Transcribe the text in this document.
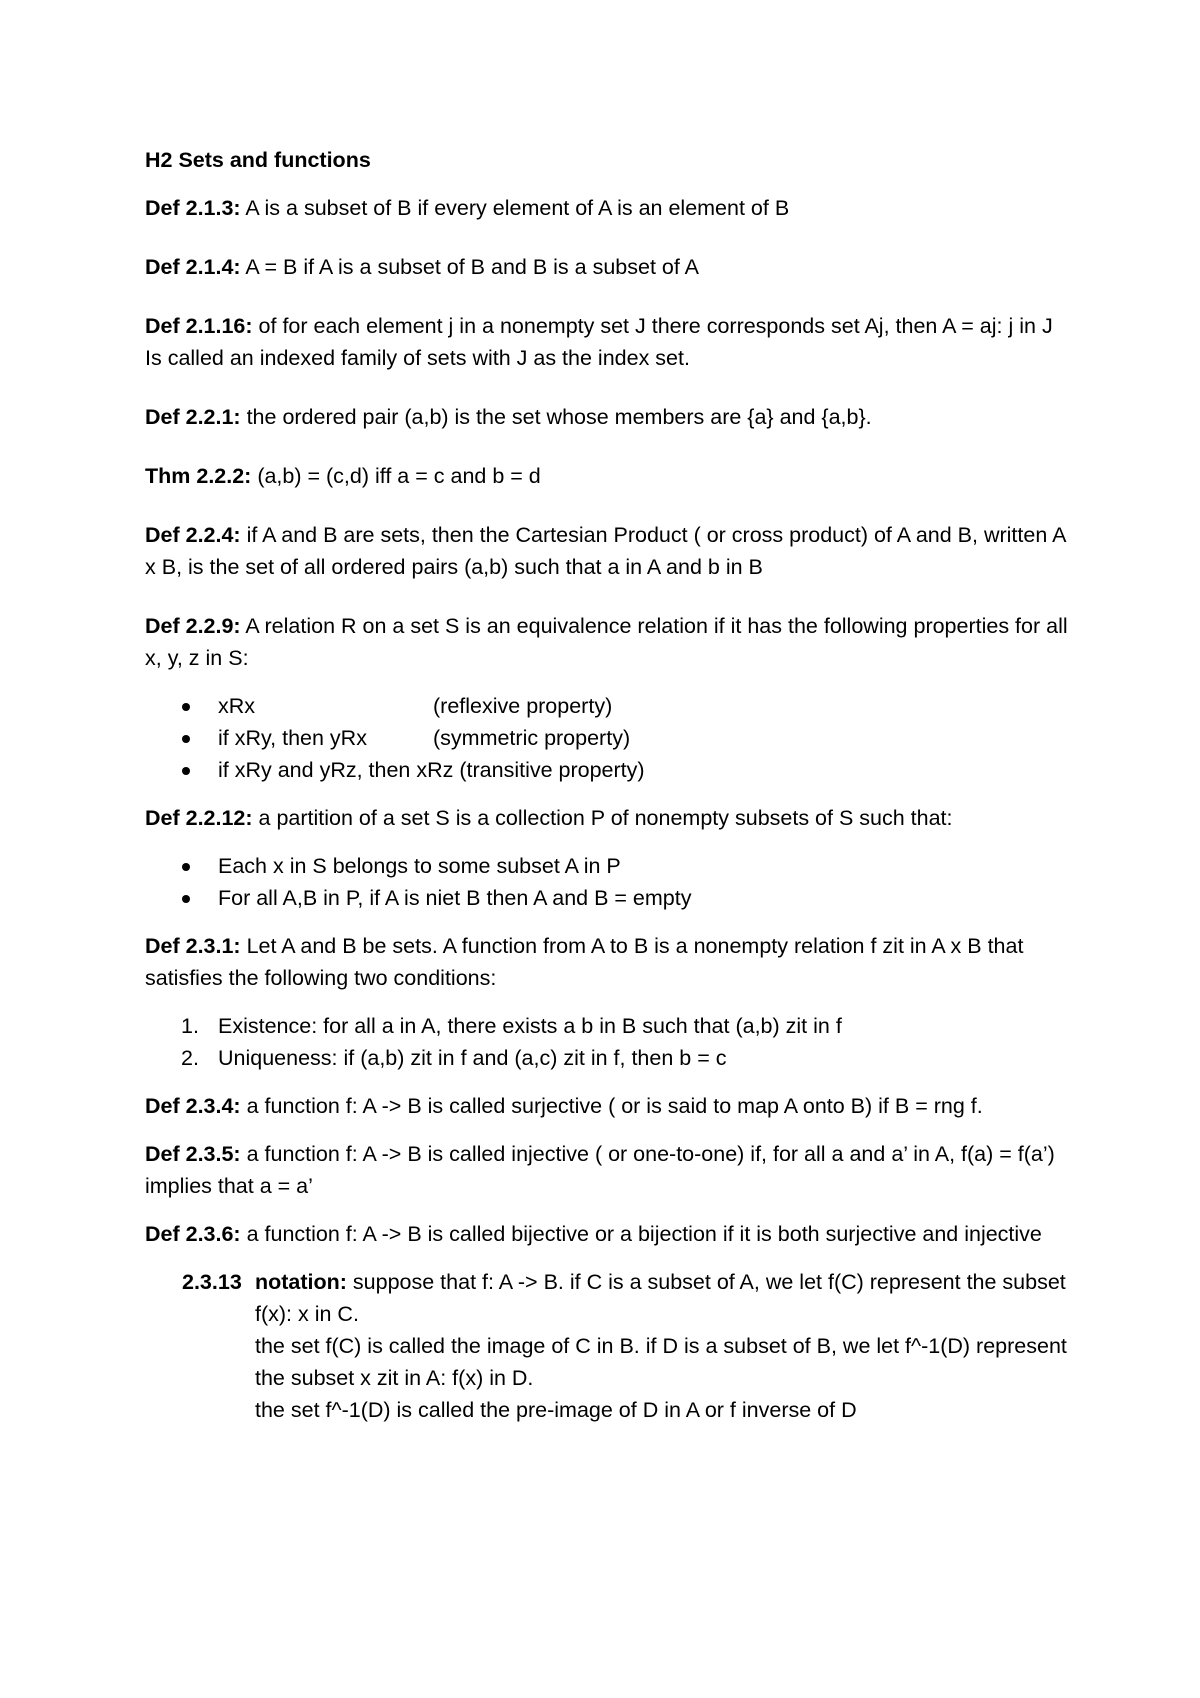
H2 Sets and functions
Def 2.1.3: A is a subset of B if every element of A is an element of B
Def 2.1.4: A = B if A is a subset of B and B is a subset of A
Def 2.1.16: of for each element j in a nonempty set J there corresponds set Aj, then A = aj: j in J
Is called an indexed family of sets with J as the index set.
Def 2.2.1: the ordered pair (a,b) is the set whose members are {a} and {a,b}.
Thm 2.2.2: (a,b) = (c,d) iff a = c and b = d
Def 2.2.4: if A and B are sets, then the Cartesian Product ( or cross product) of A and B, written A x B, is the set of all ordered pairs (a,b) such that a in A and b in B
Def 2.2.9: A relation R on a set S is an equivalence relation if it has the following properties for all x, y, z in S:
xRx	(reflexive property)
if xRy, then yRx	(symmetric property)
if xRy and yRz, then xRz (transitive property)
Def 2.2.12: a partition of a set S is a collection P of nonempty subsets of S such that:
Each x in S belongs to some subset A in P
For all A,B in P, if A is niet B then A and B = empty
Def 2.3.1: Let A and B be sets. A function from A to B is a nonempty relation f zit in A x B that satisfies the following two conditions:
1. Existence: for all a in A, there exists a b in B such that (a,b) zit in f
2. Uniqueness: if (a,b) zit in f and (a,c) zit in f, then b = c
Def 2.3.4: a function f: A -> B is called surjective ( or is said to map A onto B) if B = rng f.
Def 2.3.5: a function f: A -> B is called injective ( or one-to-one) if, for all a and a’ in A, f(a) = f(a’) implies that a = a’
Def 2.3.6: a function f: A -> B is called bijective or a bijection if it is both surjective and injective
2.3.13 notation: suppose that f: A -> B. if C is a subset of A, we let f(C) represent the subset f(x): x in C.
the set f(C) is called the image of C in B. if D is a subset of B, we let f^-1(D) represent the subset x zit in A: f(x) in D.
the set f^-1(D) is called the pre-image of D in A or f inverse of D
